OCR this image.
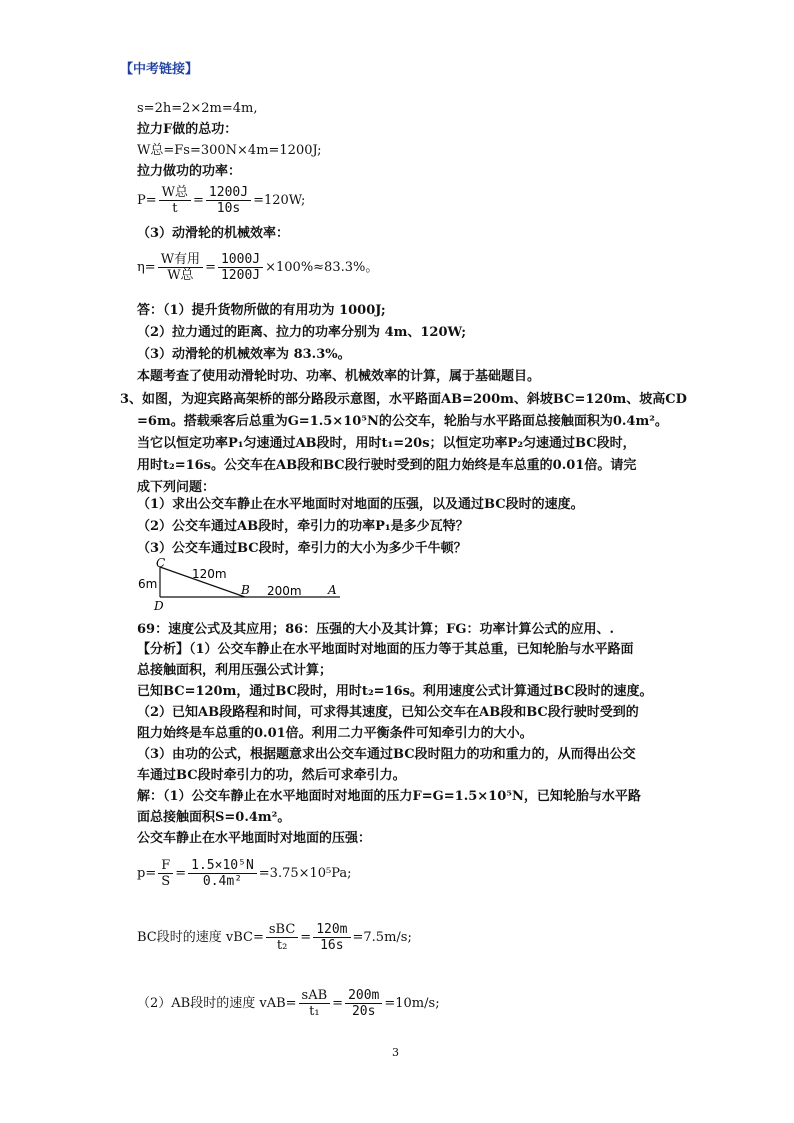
【中考链接】
s=2h=2×2m=4m,
拉力F做的总功：
W总=Fs=300N×4m=1200J;
拉力做功的功率：
$P= \frac{\text{W总}}{t} = \frac{1200J}{10s} =120W$;
（3）动滑轮的机械效率：
$\eta= \frac{\text{W有用}}{\text{W总}} = \frac{1000J}{1200J} \times 100\%\approx 83.3\%$。
答：（1）提升货物所做的有用功为 1000J;
（2）拉力通过的距离、拉力的功率分别为 4m、120W;
（3）动滑轮的机械效率为 83.3%。
本题考查了使用动滑轮时功、功率、机械效率的计算，属于基础题目。
3、如图，为迎宾路高架桥的部分路段示意图，水平路面AB=200m、斜坡BC=120m、坡高CD
=6m。搭载乘客后总重为G=1.5×10⁵N的公交车，轮胎与水平路面总接触面积为0.4m²。
当它以恒定功率P₁匀速通过AB段时，用时t₁=20s；以恒定功率P₂匀速通过BC段时，
用时t₂=16s。公交车在AB段和BC段行驶时受到的阻力始终是车总重的0.01倍。请完
成下列问题：
（1）求出公交车静止在水平地面时对地面的压强，以及通过BC段时的速度。
（2）公交车通过AB段时，牵引力的功率P₁是多少瓦特？
（3）公交车通过BC段时，牵引力的大小为多少千牛顿？
C
D
B	A
6m
120m
200m
69：速度公式及其应用；86：压强的大小及其计算；FG：功率计算公式的应用、.
【分析】（1）公交车静止在水平地面时对地面的压力等于其总重，已知轮胎与水平路面
总接触面积，利用压强公式计算；
已知BC=120m，通过BC段时，用时t₂=16s。利用速度公式计算通过BC段时的速度。
（2）已知AB段路程和时间，可求得其速度，已知公交车在AB段和BC段行驶时受到的
阻力始终是车总重的0.01倍。利用二力平衡条件可知牵引力的大小。
（3）由功的公式，根据题意求出公交车通过BC段时阻力的功和重力的，从而得出公交
车通过BC段时牵引力的功，然后可求牵引力。
解：（1）公交车静止在水平地面时对地面的压力F=G=1.5×10⁵N，已知轮胎与水平路
面总接触面积S=0.4m²。
公交车静止在水平地面时对地面的压强：
$p= \frac{F}{S} = \frac{\text{1.5×10⁵N}}{\text{0.4m²}} =3.75\times 10^5Pa$;
BC段时的速度 $vBC= \frac{\text{sBC}}{\text{t₂}} = \frac{120m}{16s} =7.5m/s$;
（2）AB段时的速度 $vAB= \frac{\text{sAB}}{\text{t₁}} = \frac{200m}{20s} =10m/s$;
3
